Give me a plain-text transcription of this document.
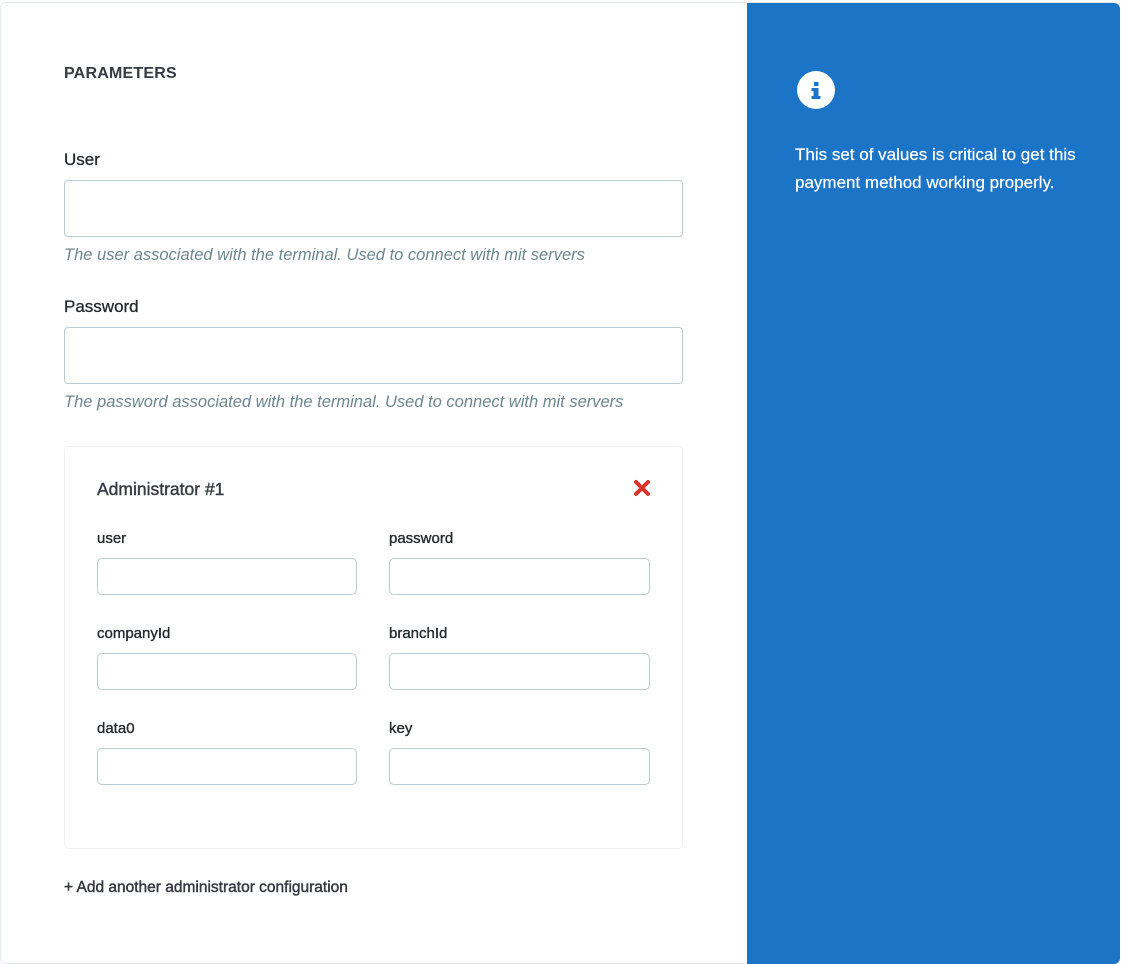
PARAMETERS
User
The user associated with the terminal. Used to connect with mit servers
Password
The password associated with the terminal. Used to connect with mit servers
Administrator #1
user	password
companyId	branchId
data0	key
+ Add another administrator configuration
This set of values is critical to get this payment method working properly.
